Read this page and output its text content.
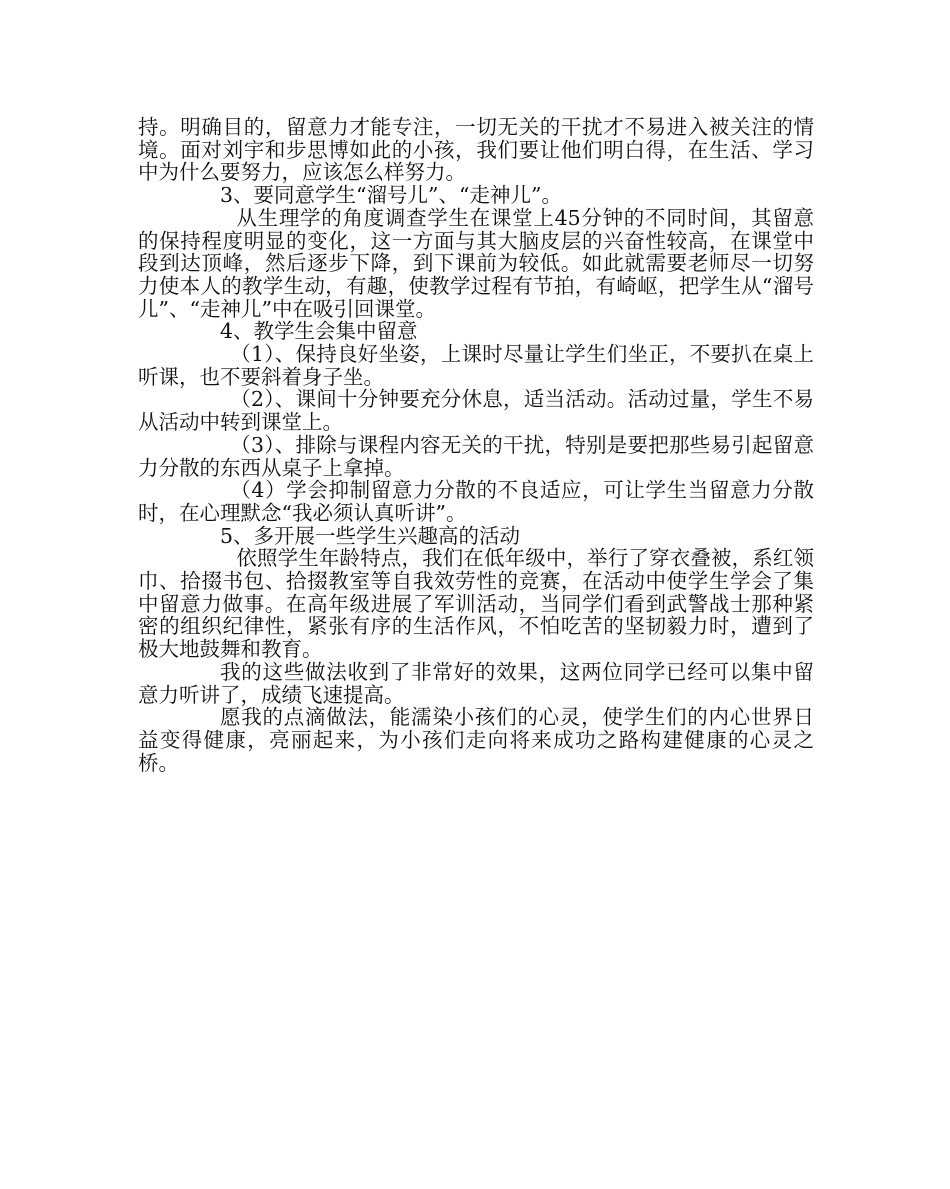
持。明确目的，留意力才能专注，一切无关的干扰才不易进入被关注的情境。面对刘宇和步思博如此的小孩，我们要让他们明白得，在生活、学习中为什么要努力，应该怎么样努力。

3、要同意学生“溜号儿”、“走神儿”。

从生理学的角度调查学生在课堂上45分钟的不同时间，其留意的保持程度明显的变化，这一方面与其大脑皮层的兴奋性较高，在课堂中段到达顶峰，然后逐步下降，到下课前为较低。如此就需要老师尽一切努力使本人的教学生动，有趣，使教学过程有节拍，有崎岖，把学生从“溜号儿”、“走神儿”中在吸引回课堂。

4、教学生会集中留意

（1）、保持良好坐姿，上课时尽量让学生们坐正，不要扒在桌上听课，也不要斜着身子坐。

（2）、课间十分钟要充分休息，适当活动。活动过量，学生不易从活动中转到课堂上。

（3）、排除与课程内容无关的干扰，特别是要把那些易引起留意力分散的东西从桌子上拿掉。

（4）学会抑制留意力分散的不良适应，可让学生当留意力分散时，在心理默念“我必须认真听讲”。

5、多开展一些学生兴趣高的活动

依照学生年龄特点，我们在低年级中，举行了穿衣叠被，系红领巾、拾掇书包、拾掇教室等自我效劳性的竞赛，在活动中使学生学会了集中留意力做事。在高年级进展了军训活动，当同学们看到武警战士那种紧密的组织纪律性，紧张有序的生活作风，不怕吃苦的坚韧毅力时，遭到了极大地鼓舞和教育。

我的这些做法收到了非常好的效果，这两位同学已经可以集中留意力听讲了，成绩飞速提高。

愿我的点滴做法，能濡染小孩们的心灵，使学生们的内心世界日益变得健康，亮丽起来，为小孩们走向将来成功之路构建健康的心灵之桥。
